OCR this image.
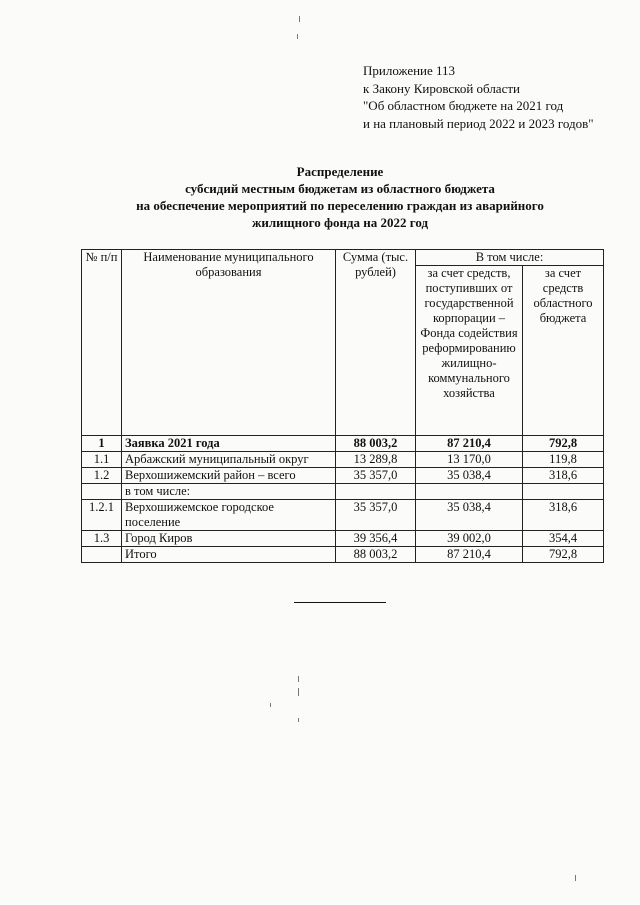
Приложение 113
к Закону Кировской области
"Об областном бюджете на 2021 год
и на плановый период 2022 и 2023 годов"
Распределение
субсидий местным бюджетам из областного бюджета
на обеспечение мероприятий по переселению граждан из аварийного
жилищного фонда на 2022 год
№ п/п	Наименование муниципального образования	Сумма (тыс. рублей)	В том числе:	
			за счет средств, поступивших от государственной корпорации – Фонда содействия реформированию жилищно-коммунального хозяйства	за счет средств областного бюджета
1	Заявка 2021 года	88 003,2	87 210,4	792,8
1.1	Арбажский муниципальный округ	13 289,8	13 170,0	119,8
1.2	Верхошижемский район – всего	35 357,0	35 038,4	318,6
	в том числе:			
1.2.1	Верхошижемское городское поселение	35 357,0	35 038,4	318,6
1.3	Город Киров	39 356,4	39 002,0	354,4
	Итого	88 003,2	87 210,4	792,8
